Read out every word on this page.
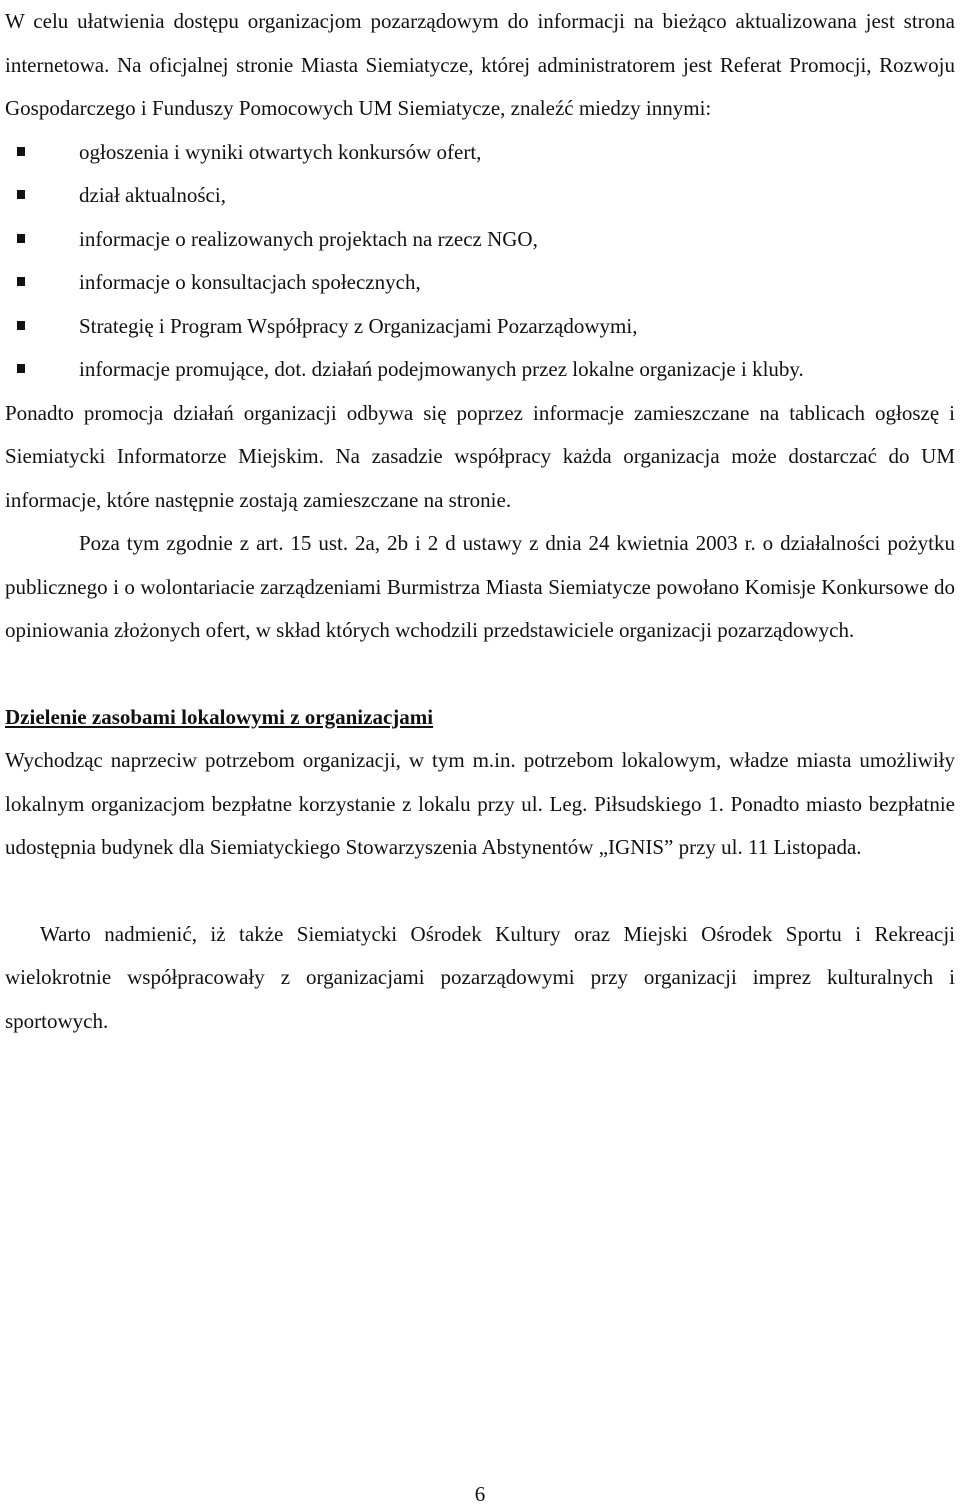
W celu ułatwienia dostępu organizacjom pozarządowym do informacji na bieżąco aktualizowana jest strona internetowa. Na oficjalnej stronie Miasta Siemiatycze, której administratorem jest Referat Promocji, Rozwoju Gospodarczego i Funduszy Pomocowych UM Siemiatycze, znaleźć miedzy innymi:

ogłoszenia i wyniki otwartych konkursów ofert,
dział aktualności,
informacje o realizowanych projektach na rzecz NGO,
informacje o konsultacjach społecznych,
Strategię i Program Współpracy z Organizacjami Pozarządowymi,
informacje promujące, dot. działań podejmowanych przez lokalne organizacje i kluby.

Ponadto promocja działań organizacji odbywa się poprzez informacje zamieszczane na tablicach ogłoszę i Siemiatycki Informatorze Miejskim. Na zasadzie współpracy każda organizacja może dostarczać do UM informacje, które następnie zostają zamieszczane na stronie.

Poza tym zgodnie z art. 15 ust. 2a, 2b i 2 d ustawy z dnia 24 kwietnia 2003 r. o działalności pożytku publicznego i o wolontariacie zarządzeniami Burmistrza Miasta Siemiatycze powołano Komisje Konkursowe do opiniowania złożonych ofert, w skład których wchodzili przedstawiciele organizacji pozarządowych.

Dzielenie zasobami lokalowymi z organizacjami

Wychodząc naprzeciw potrzebom organizacji, w tym m.in. potrzebom lokalowym, władze miasta umożliwiły lokalnym organizacjom bezpłatne korzystanie z lokalu przy ul. Leg. Piłsudskiego 1. Ponadto miasto bezpłatnie udostępnia budynek dla Siemiatyckiego Stowarzyszenia Abstynentów „IGNIS” przy ul. 11 Listopada.

Warto nadmienić, iż także Siemiatycki Ośrodek Kultury oraz Miejski Ośrodek Sportu i Rekreacji wielokrotnie współpracowały z organizacjami pozarządowymi przy organizacji imprez kulturalnych i sportowych.

6
